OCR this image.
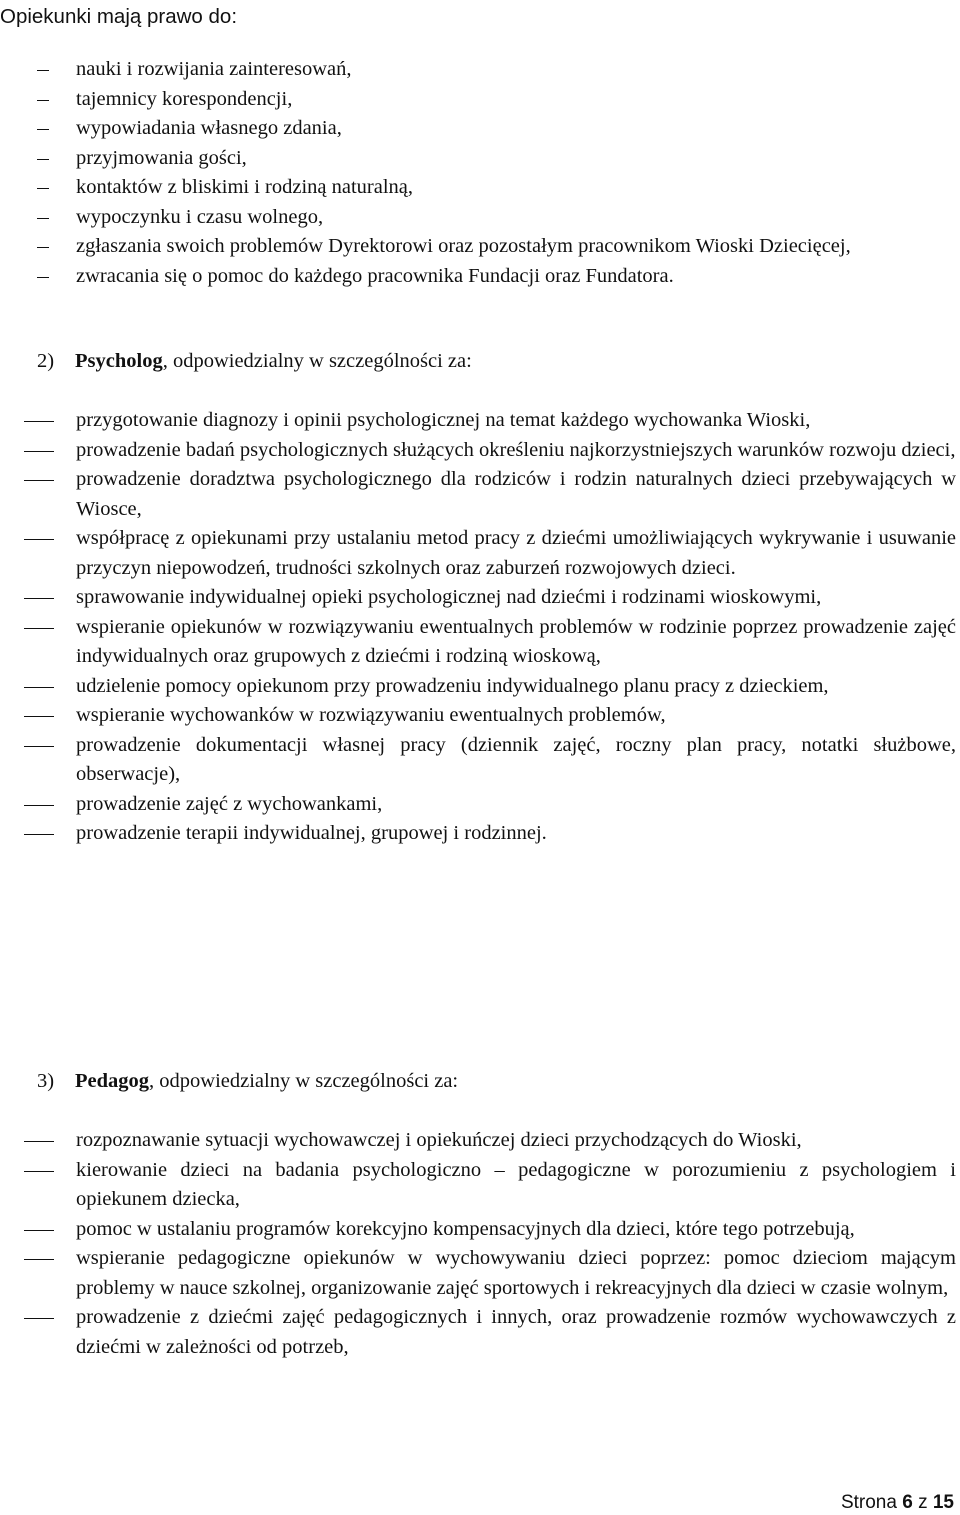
Opiekunki mają prawo do:
nauki i rozwijania zainteresowań,
tajemnicy korespondencji,
wypowiadania własnego zdania,
przyjmowania gości,
kontaktów z bliskimi i rodziną naturalną,
wypoczynku i czasu wolnego,
zgłaszania swoich problemów Dyrektorowi oraz pozostałym pracownikom Wioski Dziecięcej,
zwracania się o pomoc do każdego pracownika Fundacji oraz Fundatora.
2) Psycholog, odpowiedzialny w szczególności za:
przygotowanie diagnozy i opinii psychologicznej na temat każdego wychowanka Wioski,
prowadzenie badań psychologicznych służących określeniu najkorzystniejszych warunków rozwoju dzieci,
prowadzenie doradztwa psychologicznego dla rodziców i rodzin naturalnych dzieci przebywających w Wiosce,
współpracę z opiekunami przy ustalaniu metod pracy z dziećmi umożliwiających wykrywanie i usuwanie przyczyn niepowodzeń, trudności szkolnych oraz zaburzeń rozwojowych dzieci.
sprawowanie indywidualnej opieki psychologicznej nad dziećmi i rodzinami wioskowymi,
wspieranie opiekunów w rozwiązywaniu ewentualnych problemów w rodzinie poprzez prowadzenie zajęć indywidualnych oraz grupowych z dziećmi i rodziną wioskową,
udzielenie pomocy opiekunom przy prowadzeniu indywidualnego planu pracy z dzieckiem,
wspieranie wychowanków w rozwiązywaniu ewentualnych problemów,
prowadzenie dokumentacji własnej pracy (dziennik zajęć, roczny plan pracy, notatki służbowe, obserwacje),
prowadzenie zajęć z wychowankami,
prowadzenie terapii indywidualnej, grupowej i rodzinnej.
3) Pedagog, odpowiedzialny w szczególności za:
rozpoznawanie sytuacji wychowawczej i opiekuńczej dzieci przychodzących do Wioski,
kierowanie dzieci na badania psychologiczno – pedagogiczne w porozumieniu z psychologiem i opiekunem dziecka,
pomoc w ustalaniu programów korekcyjno kompensacyjnych dla dzieci, które tego potrzebują,
wspieranie pedagogiczne opiekunów w wychowywaniu dzieci poprzez: pomoc dzieciom mającym problemy w nauce szkolnej, organizowanie zajęć sportowych i rekreacyjnych dla dzieci w czasie wolnym,
prowadzenie z dziećmi zajęć pedagogicznych i innych, oraz prowadzenie rozmów wychowawczych z dziećmi w zależności od potrzeb,
Strona 6 z 15
